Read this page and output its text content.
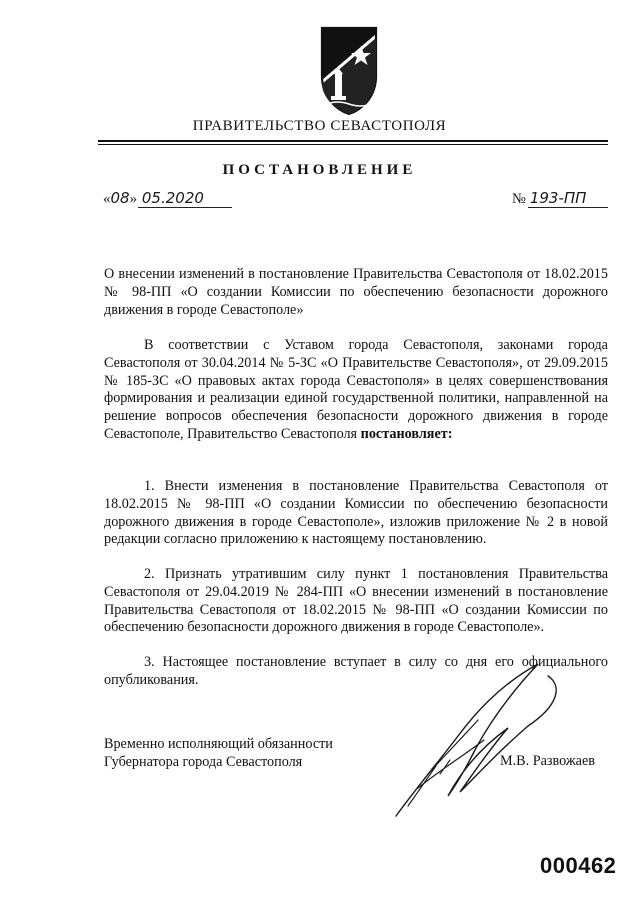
ПРАВИТЕЛЬСТВО СЕВАСТОПОЛЯ
ПОСТАНОВЛЕНИЕ
«08» 05.2020	№ 193-ПП
О внесении изменений в постановление Правительства Севастополя от 18.02.2015 № 98-ПП «О создании Комиссии по обеспечению безопасности дорожного движения в городе Севастополе»
В соответствии с Уставом города Севастополя, законами города Севастополя от 30.04.2014 № 5-ЗС «О Правительстве Севастополя», от 29.09.2015 № 185-ЗС «О правовых актах города Севастополя» в целях совершенствования формирования и реализации единой государственной политики, направленной на решение вопросов обеспечения безопасности дорожного движения в городе Севастополе, Правительство Севастополя постановляет:
1. Внести изменения в постановление Правительства Севастополя от 18.02.2015 № 98-ПП «О создании Комиссии по обеспечению безопасности дорожного движения в городе Севастополе», изложив приложение № 2 в новой редакции согласно приложению к настоящему постановлению.
2. Признать утратившим силу пункт 1 постановления Правительства Севастополя от 29.04.2019 № 284-ПП «О внесении изменений в постановление Правительства Севастополя от 18.02.2015 № 98-ПП «О создании Комиссии по обеспечению безопасности дорожного движения в городе Севастополе».
3. Настоящее постановление вступает в силу со дня его официального опубликования.
Временно исполняющий обязанности
Губернатора города Севастополя	М.В. Развожаев
000462
